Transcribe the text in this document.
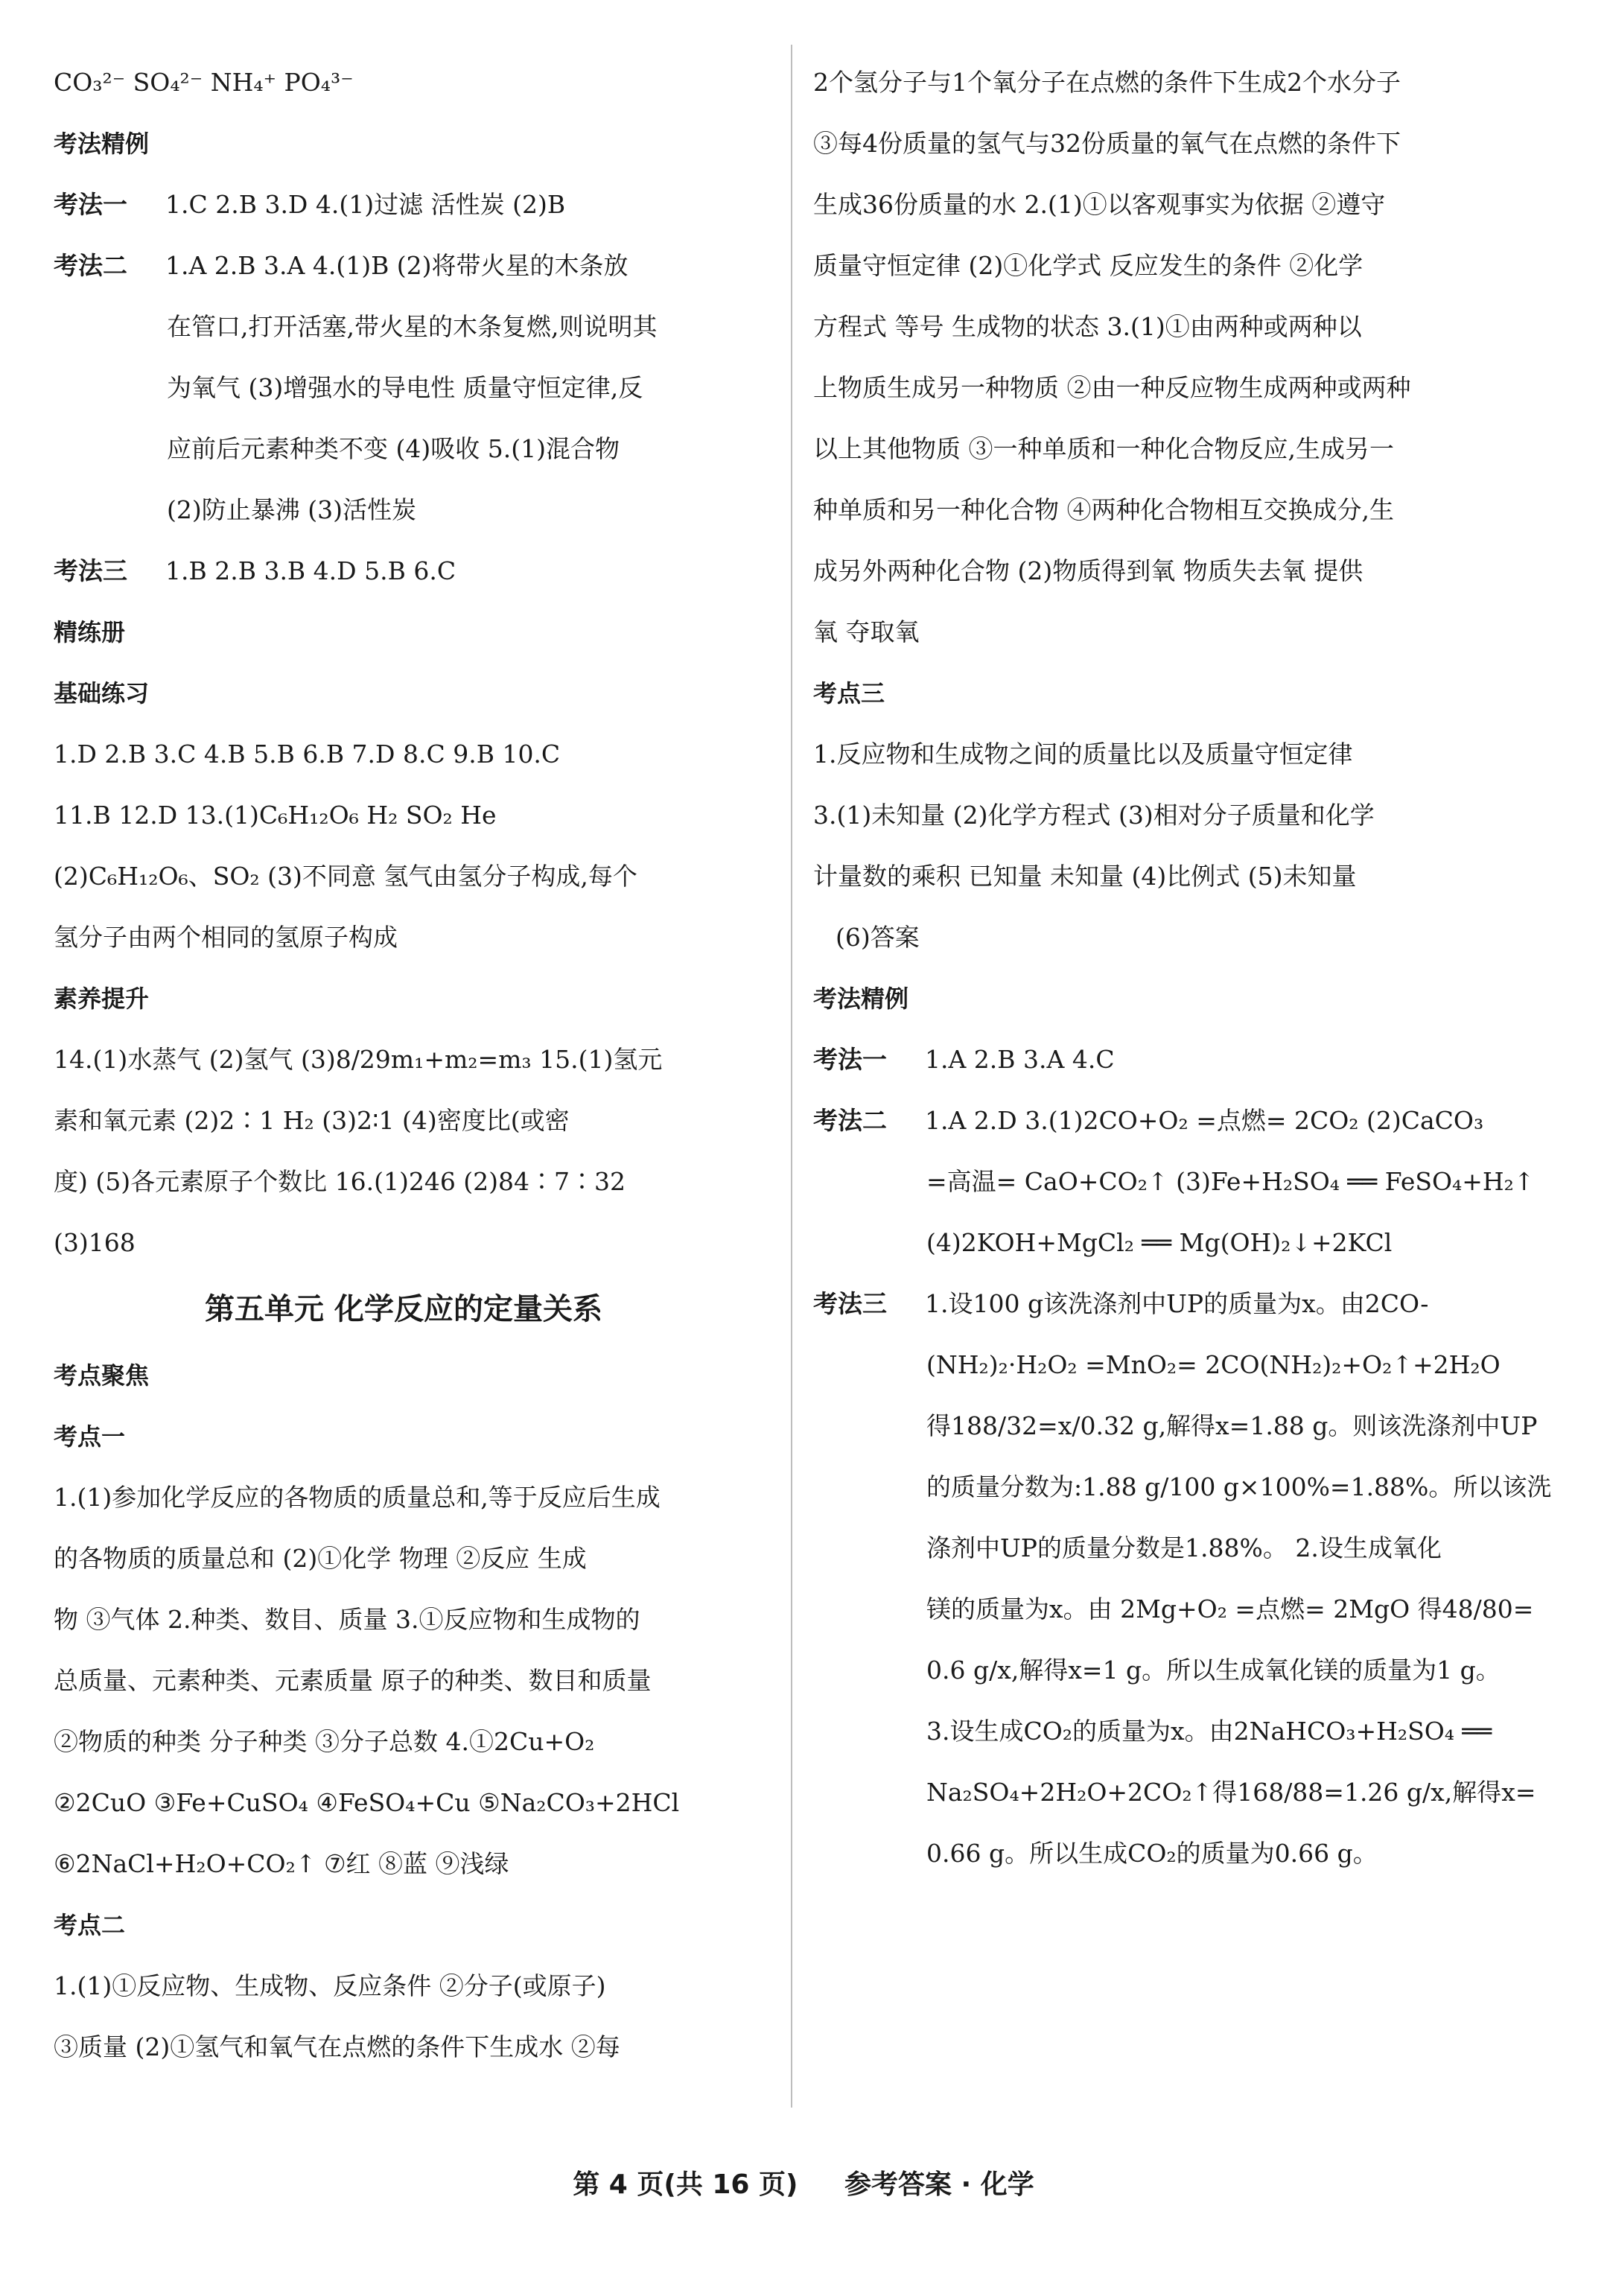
CO₃²⁻ SO₄²⁻ NH₄⁺ PO₄³⁻
考法精例
考法一 1.C 2.B 3.D 4.(1)过滤 活性炭 (2)B
考法二 1.A 2.B 3.A 4.(1)B (2)将带火星的木条放
在管口,打开活塞,带火星的木条复燃,则说明其
为氧气 (3)增强水的导电性 质量守恒定律,反
应前后元素种类不变 (4)吸收 5.(1)混合物
(2)防止暴沸 (3)活性炭
考法三 1.B 2.B 3.B 4.D 5.B 6.C
精练册
基础练习
1.D 2.B 3.C 4.B 5.B 6.B 7.D 8.C 9.B 10.C
11.B 12.D 13.(1)C₆H₁₂O₆ H₂ SO₂ He
(2)C₆H₁₂O₆、SO₂ (3)不同意 氢气由氢分子构成,每个
氢分子由两个相同的氢原子构成
素养提升
14.(1)水蒸气 (2)氢气 (3)8/29m₁+m₂=m₃ 15.(1)氢元
素和氧元素 (2)2∶1 H₂ (3)2∶1 (4)密度比(或密
度) (5)各元素原子个数比 16.(1)246 (2)84∶7∶32
(3)168
第五单元 化学反应的定量关系
考点聚焦
考点一
1.(1)参加化学反应的各物质的质量总和,等于反应后生成
的各物质的质量总和 (2)①化学 物理 ②反应 生成
物 ③气体 2.种类、数目、质量 3.①反应物和生成物的
总质量、元素种类、元素质量 原子的种类、数目和质量
②物质的种类 分子种类 ③分子总数 4.①2Cu+O₂
②2CuO ③Fe+CuSO₄ ④FeSO₄+Cu ⑤Na₂CO₃+2HCl
⑥2NaCl+H₂O+CO₂↑ ⑦红 ⑧蓝 ⑨浅绿
考点二
1.(1)①反应物、生成物、反应条件 ②分子(或原子)
③质量 (2)①氢气和氧气在点燃的条件下生成水 ②每
2个氢分子与1个氧分子在点燃的条件下生成2个水分子
③每4份质量的氢气与32份质量的氧气在点燃的条件下
生成36份质量的水 2.(1)①以客观事实为依据 ②遵守
质量守恒定律 (2)①化学式 反应发生的条件 ②化学
方程式 等号 生成物的状态 3.(1)①由两种或两种以
上物质生成另一种物质 ②由一种反应物生成两种或两种
以上其他物质 ③一种单质和一种化合物反应,生成另一
种单质和另一种化合物 ④两种化合物相互交换成分,生
成另外两种化合物 (2)物质得到氧 物质失去氧 提供
氧 夺取氧
考点三
1.反应物和生成物之间的质量比以及质量守恒定律
3.(1)未知量 (2)化学方程式 (3)相对分子质量和化学
计量数的乘积 已知量 未知量 (4)比例式 (5)未知量
(6)答案
考法精例
考法一 1.A 2.B 3.A 4.C
考法二 1.A 2.D 3.(1)2CO+O₂ =点燃= 2CO₂ (2)CaCO₃
=高温= CaO+CO₂↑ (3)Fe+H₂SO₄ ══ FeSO₄+H₂↑
(4)2KOH+MgCl₂ ══ Mg(OH)₂↓+2KCl
考法三 1.设100 g该洗涤剂中UP的质量为x。由2CO-
(NH₂)₂·H₂O₂ =MnO₂= 2CO(NH₂)₂+O₂↑+2H₂O
得188/32=x/0.32 g,解得x=1.88 g。则该洗涤剂中UP
的质量分数为:1.88 g/100 g×100%=1.88%。所以该洗
涤剂中UP的质量分数是1.88%。 2.设生成氧化
镁的质量为x。由 2Mg+O₂ =点燃= 2MgO 得48/80=
0.6 g/x,解得x=1 g。所以生成氧化镁的质量为1 g。
3.设生成CO₂的质量为x。由2NaHCO₃+H₂SO₄ ══
Na₂SO₄+2H₂O+2CO₂↑得168/88=1.26 g/x,解得x=
0.66 g。所以生成CO₂的质量为0.66 g。
第 4 页(共 16 页) 参考答案 · 化学
